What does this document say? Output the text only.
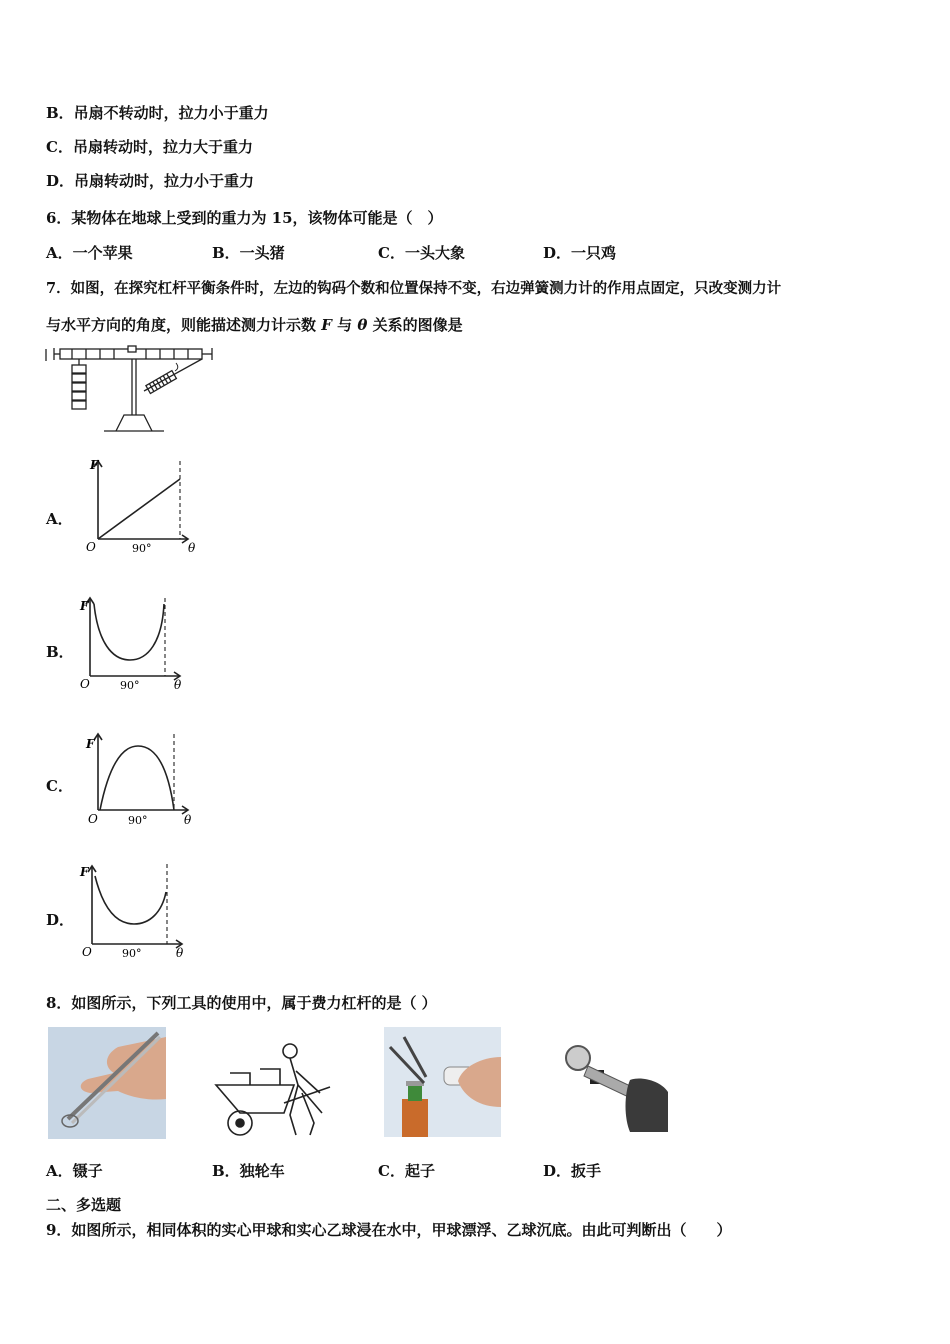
B．吊扇不转动时，拉力小于重力
C．吊扇转动时，拉力大于重力
D．吊扇转动时，拉力小于重力
6．某物体在地球上受到的重力为 15，该物体可能是（　）
A．一个苹果	B．一头猪	C．一头大象	D．一只鸡
7．如图，在探究杠杆平衡条件时，左边的钩码个数和位置保持不变，右边弹簧测力计的作用点固定，只改变测力计
与水平方向的角度，则能描述测力计示数 F 与 θ 关系的图像是
A．
F
O	90°	θ
B．
F
O	90°	θ
C．
F
O	90°	θ
D．
F
O	90°	θ
8．如图所示，下列工具的使用中，属于费力杠杆的是（ ）
A．镊子	B．独轮车	C．起子	D．扳手
二、多选题
9．如图所示，相同体积的实心甲球和实心乙球浸在水中，甲球漂浮、乙球沉底。由此可判断出（　　）
